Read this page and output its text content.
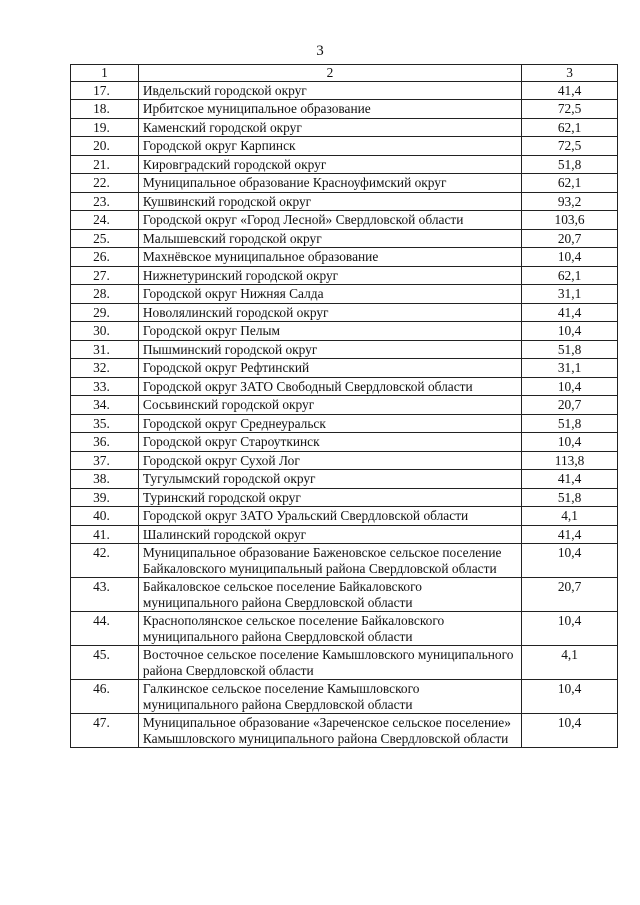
3
1	2	3
17.	Ивдельский городской округ	41,4
18.	Ирбитское муниципальное образование	72,5
19.	Каменский городской округ	62,1
20.	Городской округ Карпинск	72,5
21.	Кировградский городской округ	51,8
22.	Муниципальное образование Красноуфимский округ	62,1
23.	Кушвинский городской округ	93,2
24.	Городской округ «Город Лесной» Свердловской области	103,6
25.	Малышевский городской округ	20,7
26.	Махнёвское муниципальное образование	10,4
27.	Нижнетуринский городской округ	62,1
28.	Городской округ Нижняя Салда	31,1
29.	Новолялинский городской округ	41,4
30.	Городской округ Пелым	10,4
31.	Пышминский городской округ	51,8
32.	Городской округ Рефтинский	31,1
33.	Городской округ ЗАТО Свободный Свердловской области	10,4
34.	Сосьвинский городской округ	20,7
35.	Городской округ Среднеуральск	51,8
36.	Городской округ Староуткинск	10,4
37.	Городской округ Сухой Лог	113,8
38.	Тугулымский городской округ	41,4
39.	Туринский городской округ	51,8
40.	Городской округ ЗАТО Уральский Свердловской области	4,1
41.	Шалинский городской округ	41,4
42.	Муниципальное образование Баженовское сельское поселение Байкаловского муниципальный района Свердловской области	10,4
43.	Байкаловское сельское поселение Байкаловского муниципального района Свердловской области	20,7
44.	Краснополянское сельское поселение Байкаловского муниципального района Свердловской области	10,4
45.	Восточное сельское поселение Камышловского муниципального района Свердловской области	4,1
46.	Галкинское сельское поселение Камышловского муниципального района Свердловской области	10,4
47.	Муниципальное образование «Зареченское сельское поселение» Камышловского муниципального района Свердловской области	10,4
